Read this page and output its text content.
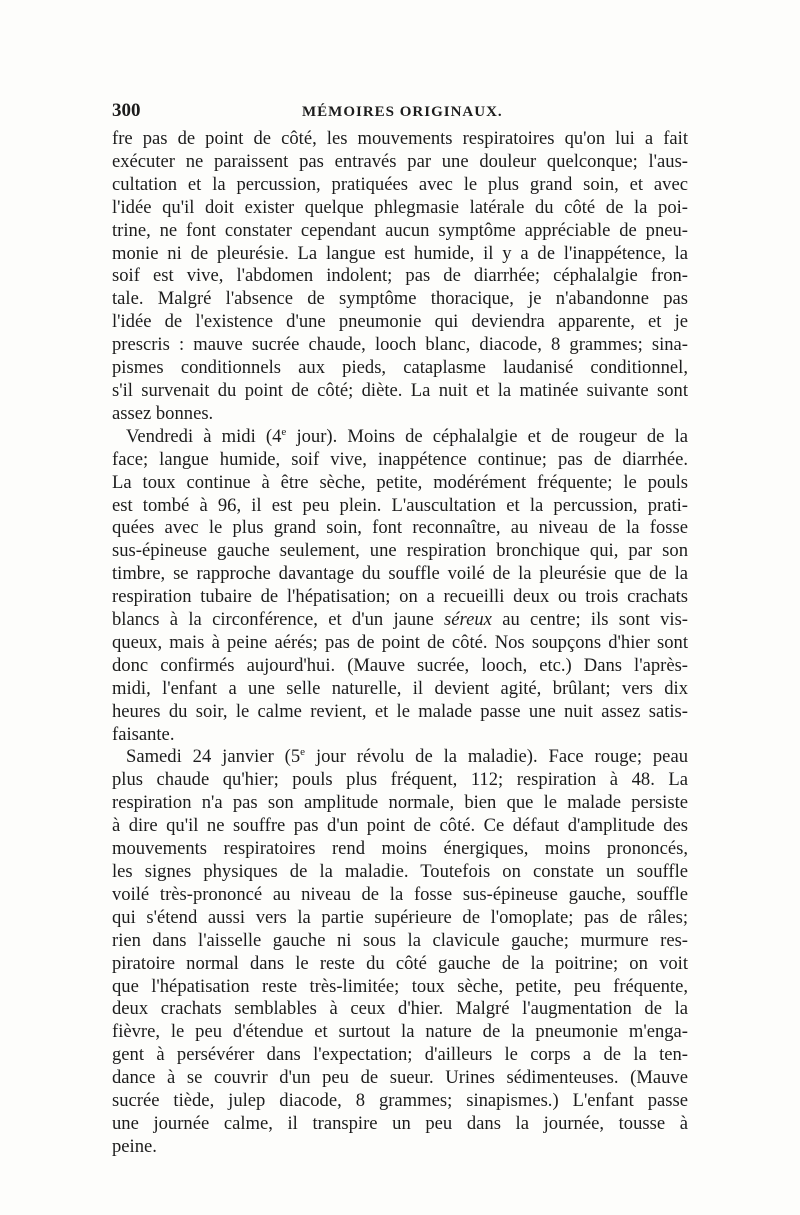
300	MÉMOIRES ORIGINAUX.
fre pas de point de côté, les mouvements respiratoires qu'on lui a fait
exécuter ne paraissent pas entravés par une douleur quelconque; l'aus-
cultation et la percussion, pratiquées avec le plus grand soin, et avec
l'idée qu'il doit exister quelque phlegmasie latérale du côté de la poi-
trine, ne font constater cependant aucun symptôme appréciable de pneu-
monie ni de pleurésie. La langue est humide, il y a de l'inappétence, la
soif est vive, l'abdomen indolent; pas de diarrhée; céphalalgie fron-
tale. Malgré l'absence de symptôme thoracique, je n'abandonne pas
l'idée de l'existence d'une pneumonie qui deviendra apparente, et je
prescris : mauve sucrée chaude, looch blanc, diacode, 8 grammes; sina-
pismes conditionnels aux pieds, cataplasme laudanisé conditionnel,
s'il survenait du point de côté; diète. La nuit et la matinée suivante sont
assez bonnes.
Vendredi à midi (4e jour). Moins de céphalalgie et de rougeur de la
face; langue humide, soif vive, inappétence continue; pas de diarrhée.
La toux continue à être sèche, petite, modérément fréquente; le pouls
est tombé à 96, il est peu plein. L'auscultation et la percussion, prati-
quées avec le plus grand soin, font reconnaître, au niveau de la fosse
sus-épineuse gauche seulement, une respiration bronchique qui, par son
timbre, se rapproche davantage du souffle voilé de la pleurésie que de la
respiration tubaire de l'hépatisation; on a recueilli deux ou trois crachats
blancs à la circonférence, et d'un jaune séreux au centre; ils sont vis-
queux, mais à peine aérés; pas de point de côté. Nos soupçons d'hier sont
donc confirmés aujourd'hui. (Mauve sucrée, looch, etc.) Dans l'après-
midi, l'enfant a une selle naturelle, il devient agité, brûlant; vers dix
heures du soir, le calme revient, et le malade passe une nuit assez satis-
faisante.
Samedi 24 janvier (5e jour révolu de la maladie). Face rouge; peau
plus chaude qu'hier; pouls plus fréquent, 112; respiration à 48. La
respiration n'a pas son amplitude normale, bien que le malade persiste
à dire qu'il ne souffre pas d'un point de côté. Ce défaut d'amplitude des
mouvements respiratoires rend moins énergiques, moins prononcés,
les signes physiques de la maladie. Toutefois on constate un souffle
voilé très-prononcé au niveau de la fosse sus-épineuse gauche, souffle
qui s'étend aussi vers la partie supérieure de l'omoplate; pas de râles;
rien dans l'aisselle gauche ni sous la clavicule gauche; murmure res-
piratoire normal dans le reste du côté gauche de la poitrine; on voit
que l'hépatisation reste très-limitée; toux sèche, petite, peu fréquente,
deux crachats semblables à ceux d'hier. Malgré l'augmentation de la
fièvre, le peu d'étendue et surtout la nature de la pneumonie m'enga-
gent à persévérer dans l'expectation; d'ailleurs le corps a de la ten-
dance à se couvrir d'un peu de sueur. Urines sédimenteuses. (Mauve
sucrée tiède, julep diacode, 8 grammes; sinapismes.) L'enfant passe
une journée calme, il transpire un peu dans la journée, tousse à
peine.
